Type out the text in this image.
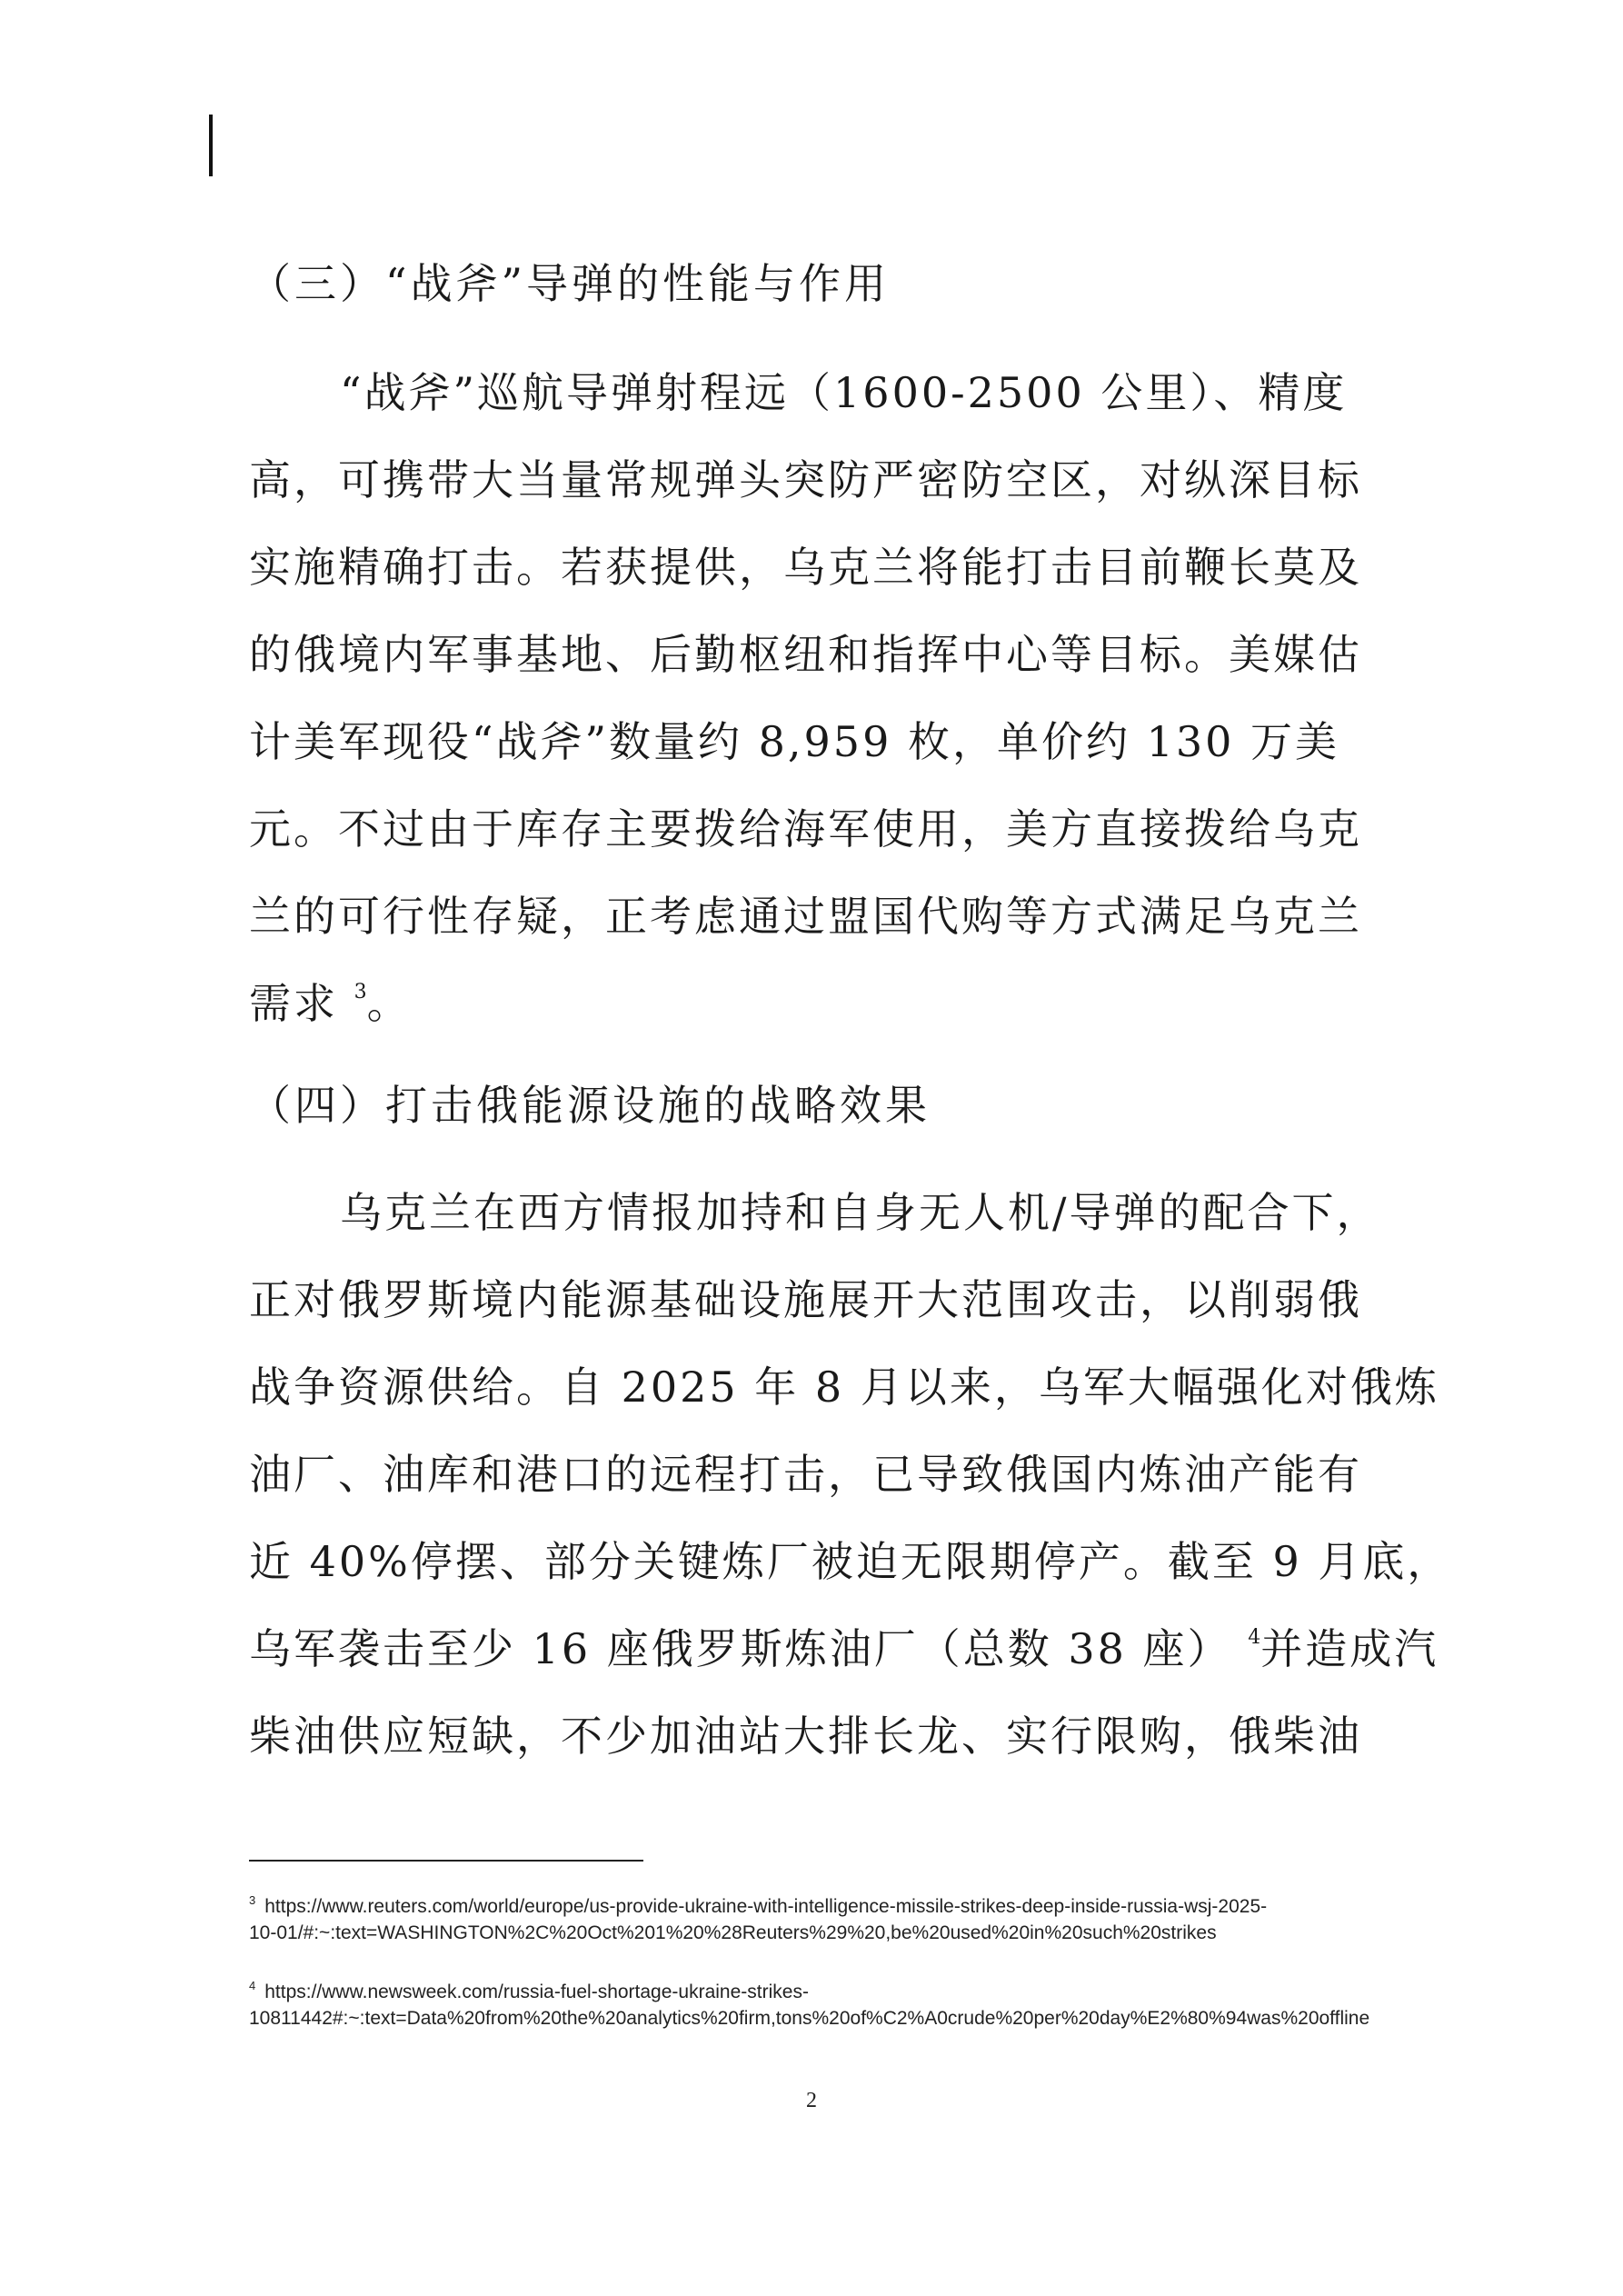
（三）“战斧”导弹的性能与作用
“战斧”巡航导弹射程远（1600-2500 公里）、精度
高，可携带大当量常规弹头突防严密防空区，对纵深目标
实施精确打击。若获提供，乌克兰将能打击目前鞭长莫及
的俄境内军事基地、后勤枢纽和指挥中心等目标。美媒估
计美军现役“战斧”数量约 8,959 枚，单价约 130 万美
元。不过由于库存主要拨给海军使用，美方直接拨给乌克
兰的可行性存疑，正考虑通过盟国代购等方式满足乌克兰
需求 $^3$。
（四）打击俄能源设施的战略效果
乌克兰在西方情报加持和自身无人机/导弹的配合下，
正对俄罗斯境内能源基础设施展开大范围攻击，以削弱俄
战争资源供给。自 2025 年 8 月以来，乌军大幅强化对俄炼
油厂、油库和港口的远程打击，已导致俄国内炼油产能有
近 40%停摆、部分关键炼厂被迫无限期停产。截至 9 月底，
乌军袭击至少 16 座俄罗斯炼油厂（总数 38 座） $^4$并造成汽
柴油供应短缺，不少加油站大排长龙、实行限购，俄柴油
$^3$ https://www.reuters.com/world/europe/us-provide-ukraine-with-intelligence-missile-strikes-deep-inside-russia-wsj-2025-
10-01/#:~:text=WASHINGTON%2C%20Oct%201%20%28Reuters%29%20,be%20used%20in%20such%20strikes
$^4$ https://www.newsweek.com/russia-fuel-shortage-ukraine-strikes-
10811442#:~:text=Data%20from%20the%20analytics%20firm,tons%20of%C2%A0crude%20per%20day%E2%80%94was%20offline
2
